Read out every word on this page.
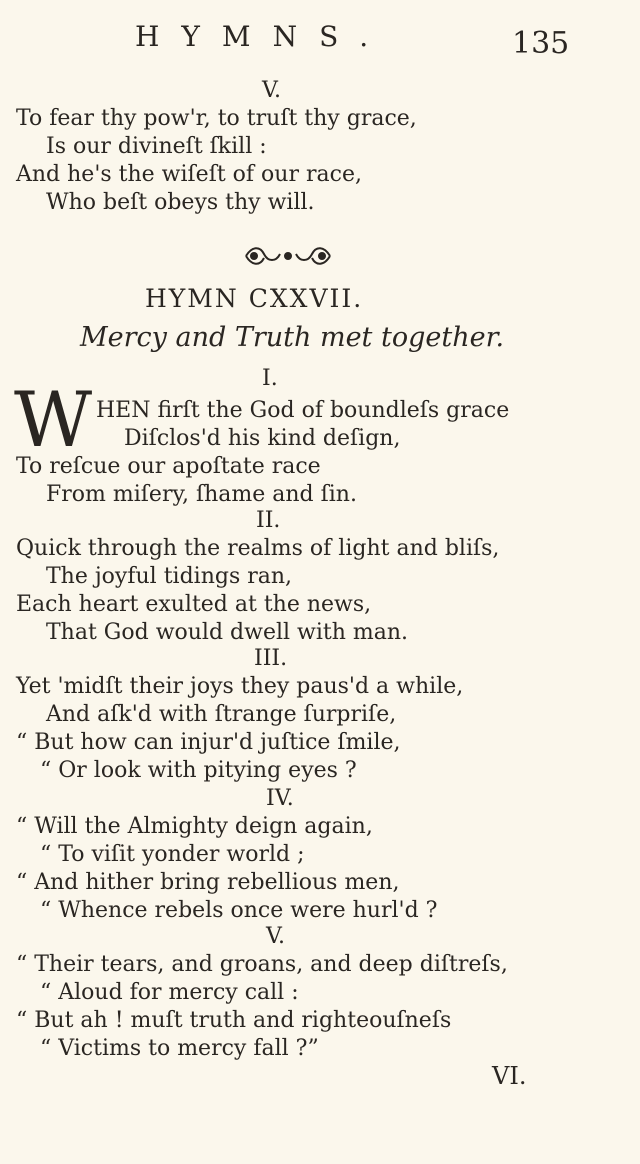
HYMNS.	135
V.
To fear thy pow'r, to truſt thy grace,
Is our divineſt ſkill :
And he's the wiſeſt of our race,
Who beſt obeys thy will.
HYMN CXXVII.
Mercy and Truth met together.
I.
W HEN firſt the God of boundleſs grace
Diſclos'd his kind deſign,
To reſcue our apoſtate race
From miſery, ſhame and ſin.
II.
Quick through the realms of light and bliſs,
The joyful tidings ran,
Each heart exulted at the news,
That God would dwell with man.
III.
Yet 'midſt their joys they paus'd a while,
And aſk'd with ſtrange ſurpriſe,
“ But how can injur'd juſtice ſmile,
“ Or look with pitying eyes ?
IV.
“ Will the Almighty deign again,
“ To viſit yonder world ;
“ And hither bring rebellious men,
“ Whence rebels once were hurl'd ?
V.
“ Their tears, and groans, and deep diſtreſs,
“ Aloud for mercy call :
“ But ah ! muſt truth and righteouſneſs
“ Victims to mercy fall ?”
VI.
